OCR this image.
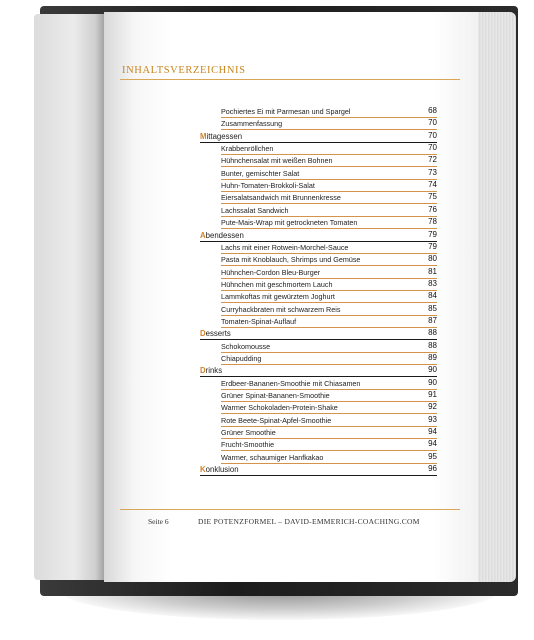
INHALTSVERZEICHNIS
Pochiertes Ei mit Parmesan und Spargel	68
Zusammenfassung	70
Mittagessen	70
Krabbenröllchen	70
Hühnchensalat mit weißen Bohnen	72
Bunter, gemischter Salat	73
Huhn-Tomaten-Brokkoli-Salat	74
Eiersalatsandwich mit Brunnenkresse	75
Lachssalat Sandwich	76
Pute-Mais-Wrap mit getrockneten Tomaten	78
Abendessen	79
Lachs mit einer Rotwein-Morchel-Sauce	79
Pasta mit Knoblauch, Shrimps und Gemüse	80
Hühnchen-Cordon Bleu-Burger	81
Hühnchen mit geschmortem Lauch	83
Lammkoftas mit gewürztem Joghurt	84
Curryhackbraten mit schwarzem Reis	85
Tomaten-Spinat-Auflauf	87
Desserts	88
Schokomousse	88
Chiapudding	89
Drinks	90
Erdbeer-Bananen-Smoothie mit Chiasamen	90
Grüner Spinat-Bananen-Smoothie	91
Warmer Schokoladen-Protein-Shake	92
Rote Beete-Spinat-Apfel-Smoothie	93
Grüner Smoothie	94
Frucht-Smoothie	94
Warmer, schaumiger Hanfkakao	95
Konklusion	96
Seite 6	DIE POTENZFORMEL – DAVID-EMMERICH-COACHING.COM
